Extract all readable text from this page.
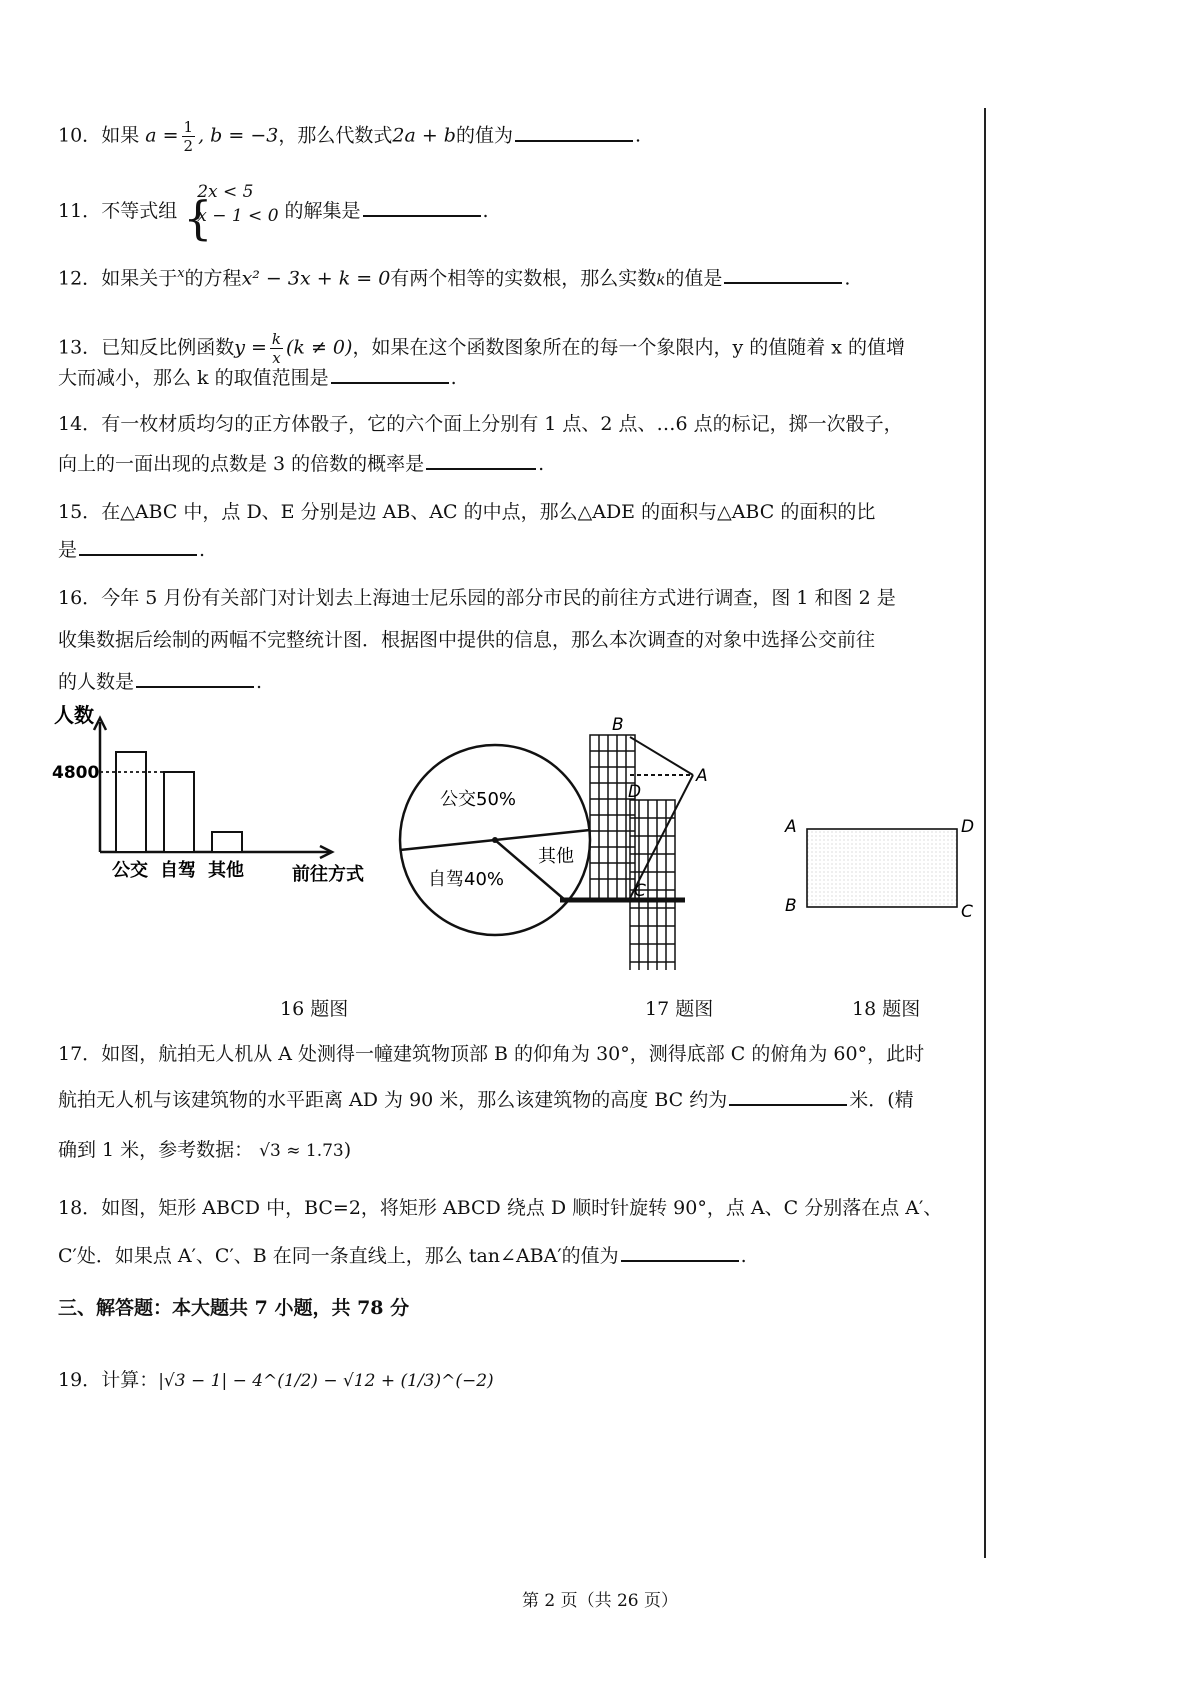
10．如果 $a = \frac{1}{2}$ , b = −3，那么代数式2a + b的值为	.
11．不等式组 {
2x < 5
x − 1 < 0 的解集是	.
12．如果关于$^x$的方程x² − 3x + k = 0有两个相等的实数根，那么实数k的值是	.
13．已知反比例函数$y = \frac{k}{x} (k \ne 0)$，如果在这个函数图象所在的每一个象限内，y 的值随着 x 的值增
大而减小，那么 k 的取值范围是	.
14．有一枚材质均匀的正方体骰子，它的六个面上分别有 1 点、2 点、…6 点的标记，掷一次骰子，
向上的一面出现的点数是 3 的倍数的概率是	.
15．在△ABC 中，点 D、E 分别是边 AB、AC 的中点，那么△ADE 的面积与△ABC 的面积的比
是	.
16．今年 5 月份有关部门对计划去上海迪士尼乐园的部分市民的前往方式进行调查，图 1 和图 2 是
收集数据后绘制的两幅不完整统计图．根据图中提供的信息，那么本次调查的对象中选择公交前往
的人数是	.
人数
前往方式
4800
公交 自驾 其他
公交50%
自驾40%
其他
B
A
D
C
A	D
B	C
16 题图	17 题图	18 题图
17．如图，航拍无人机从 A 处测得一幢建筑物顶部 B 的仰角为 30°，测得底部 C 的俯角为 60°，此时
航拍无人机与该建筑物的水平距离 AD 为 90 米，那么该建筑物的高度 BC 约为	米．(精
确到 1 米，参考数据： √3 ≈ 1.73)
18．如图，矩形 ABCD 中，BC=2，将矩形 ABCD 绕点 D 顺时针旋转 90°，点 A、C 分别落在点 A′、
C′处．如果点 A′、C′、B 在同一条直线上，那么 tan∠ABA′的值为	.
三、解答题：本大题共 7 小题，共 78 分
19．计算：|√3 − 1| − 4^(1/2) − √12 + (1/3)^(−2)
第 2 页（共 26 页）
